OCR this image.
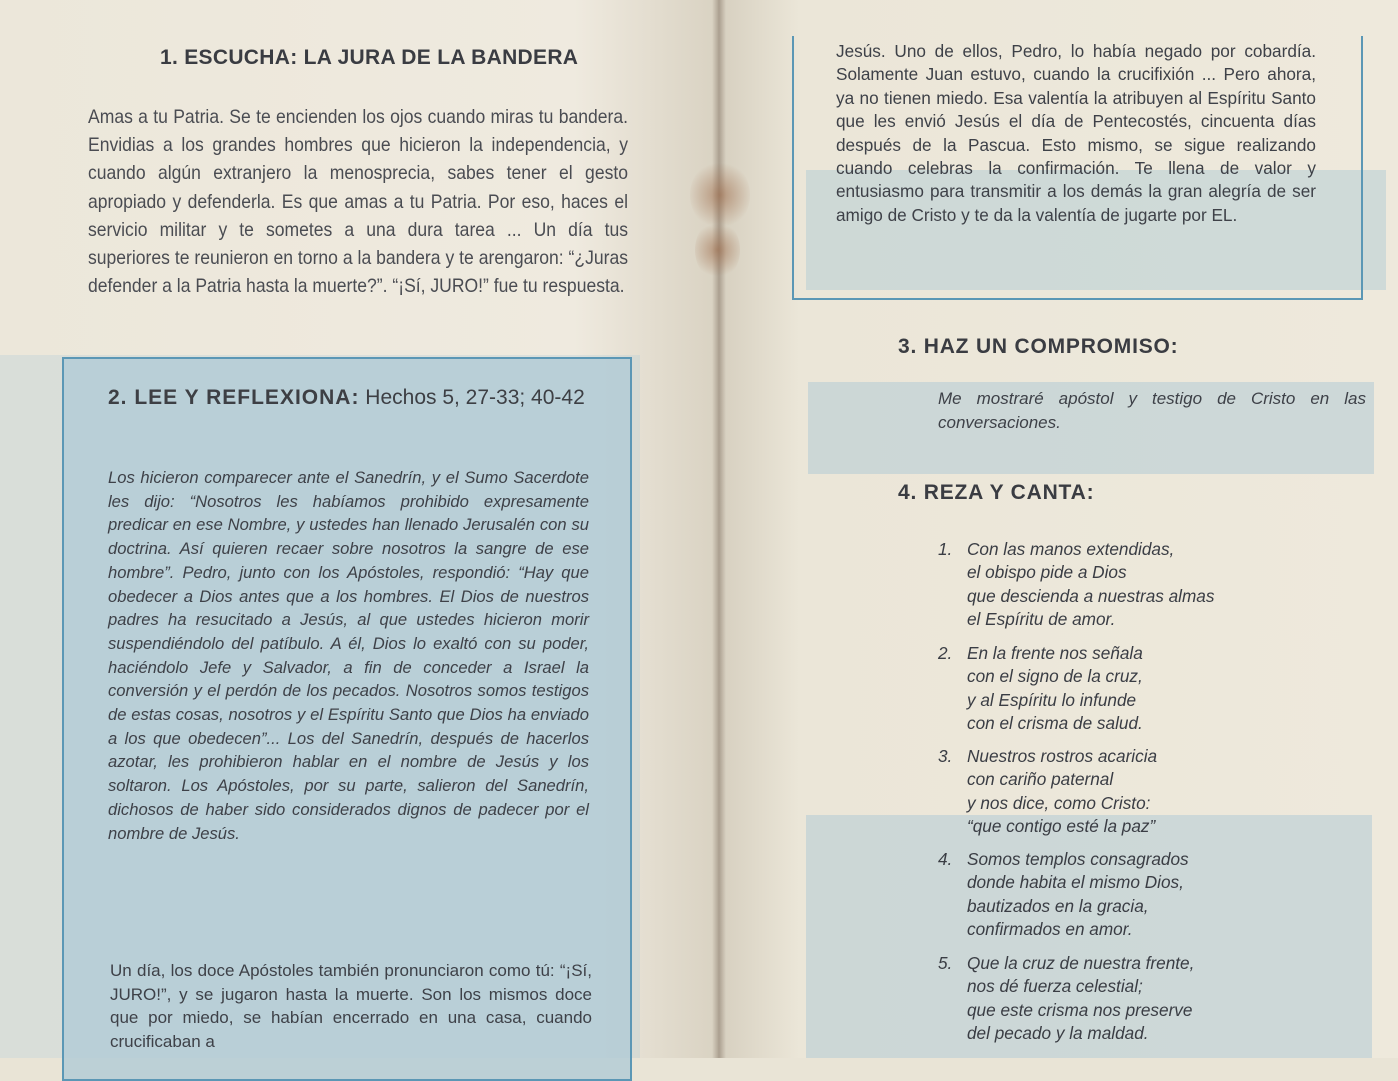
1. ESCUCHA: LA JURA DE LA BANDERA
Amas a tu Patria. Se te encienden los ojos cuando miras tu bandera. Envidias a los grandes hombres que hicieron la independencia, y cuando algún extranjero la menosprecia, sabes tener el gesto apropiado y defenderla. Es que amas a tu Patria. Por eso, haces el servicio militar y te sometes a una dura tarea ... Un día tus superiores te reunieron en torno a la bandera y te arengaron: “¿Juras defender a la Patria hasta la muerte?”. “¡Sí, JURO!” fue tu respuesta.
2. LEE Y REFLEXIONA: Hechos 5, 27-33; 40-42
Los hicieron comparecer ante el Sanedrín, y el Sumo Sacerdote les dijo: “Nosotros les habíamos prohibido expresamente predicar en ese Nombre, y ustedes han llenado Jerusalén con su doctrina. Así quieren recaer sobre nosotros la sangre de ese hombre”. Pedro, junto con los Apóstoles, respondió: “Hay que obedecer a Dios antes que a los hombres. El Dios de nuestros padres ha resucitado a Jesús, al que ustedes hicieron morir suspendiéndolo del patíbulo. A él, Dios lo exaltó con su poder, haciéndolo Jefe y Salvador, a fin de conceder a Israel la conversión y el perdón de los pecados. Nosotros somos testigos de estas cosas, nosotros y el Espíritu Santo que Dios ha enviado a los que obedecen”... Los del Sanedrín, después de hacerlos azotar, les prohibieron hablar en el nombre de Jesús y los soltaron. Los Apóstoles, por su parte, salieron del Sanedrín, dichosos de haber sido considerados dignos de padecer por el nombre de Jesús.
Un día, los doce Apóstoles también pronunciaron como tú: “¡Sí, JURO!”, y se jugaron hasta la muerte. Son los mismos doce que por miedo, se habían encerrado en una casa, cuando crucificaban a
Jesús. Uno de ellos, Pedro, lo había negado por cobardía. Solamente Juan estuvo, cuando la crucifixión ... Pero ahora, ya no tienen miedo. Esa valentía la atribuyen al Espíritu Santo que les envió Jesús el día de Pentecostés, cincuenta días después de la Pascua. Esto mismo, se sigue realizando cuando celebras la confirmación. Te llena de valor y entusiasmo para transmitir a los demás la gran alegría de ser amigo de Cristo y te da la valentía de jugarte por EL.
3. HAZ UN COMPROMISO:
Me mostraré apóstol y testigo de Cristo en las conversaciones.
4. REZA Y CANTA:
1. Con las manos extendidas,
el obispo pide a Dios
que descienda a nuestras almas
el Espíritu de amor.
2. En la frente nos señala
con el signo de la cruz,
y al Espíritu lo infunde
con el crisma de salud.
3. Nuestros rostros acaricia
con cariño paternal
y nos dice, como Cristo:
“que contigo esté la paz”
4. Somos templos consagrados
donde habita el mismo Dios,
bautizados en la gracia,
confirmados en amor.
5. Que la cruz de nuestra frente,
nos dé fuerza celestial;
que este crisma nos preserve
del pecado y la maldad.
